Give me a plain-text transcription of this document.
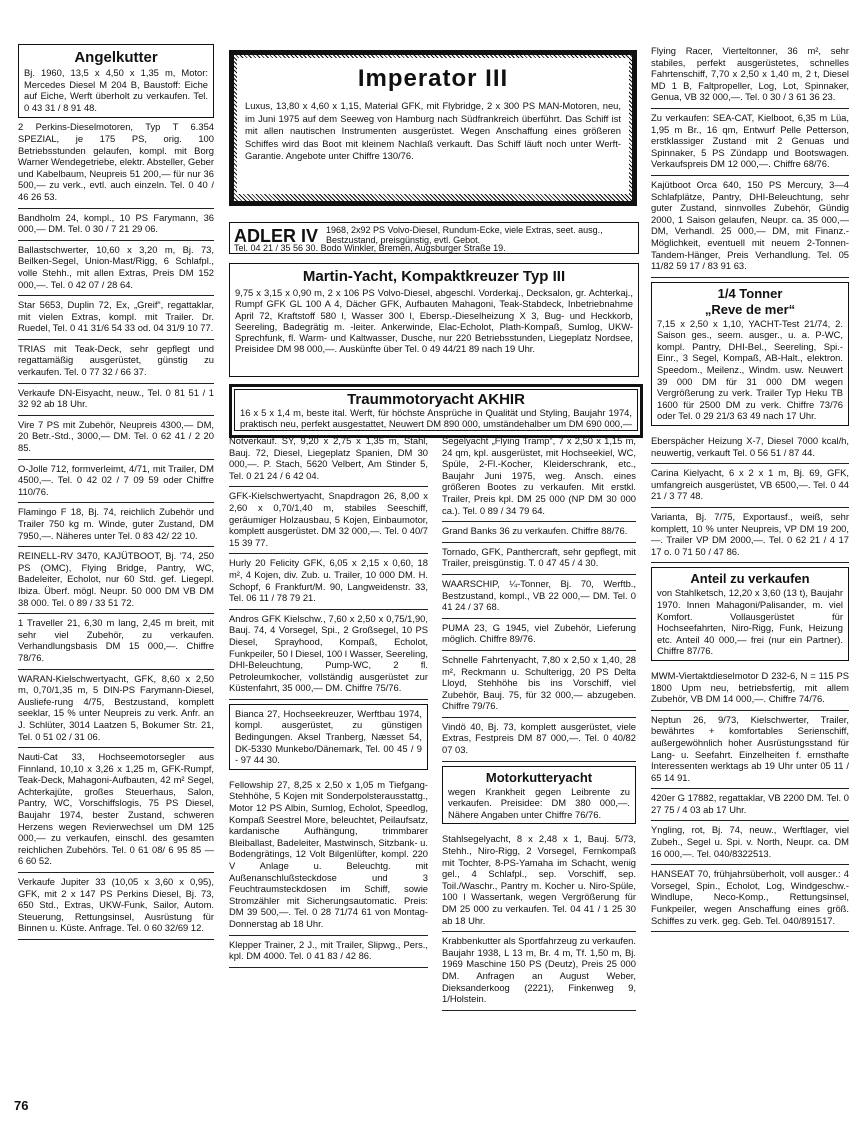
Angelkutter
Bj. 1960, 13,5 x 4,50 x 1,35 m, Motor: Mercedes Diesel M 204 B, Baustoff: Eiche auf Eiche, Werft überholt zu verkaufen. Tel. 0 43 31 / 8 91 48.
2 Perkins-Dieselmotoren, Typ T 6.354 SPEZIAL, je 175 PS, orig. 100 Betriebsstunden gelaufen, kompl. mit Borg Warner Wendegetriebe, elektr. Absteller, Geber und Kabelbaum, Neupreis 51 200,— für nur 36 500,— zu verk., evtl. auch einzeln. Tel. 0 40 / 46 26 53.
Bandholm 24, kompl., 10 PS Farymann, 36 000,— DM. Tel. 0 30 / 7 21 29 06.
Ballastschwerter, 10,60 x 3,20 m, Bj. 73, Beilken-Segel, Union-Mast/Rigg, 6 Schlafpl., volle Stehh., mit allen Extras, Preis DM 152 000,—. Tel. 0 42 07 / 28 64.
Star 5653, Duplin 72, Ex, „Greif“, regattaklar, mit vielen Extras, kompl. mit Trailer. Dr. Ruedel, Tel. 0 41 31/6 54 33 od. 04 31/9 10 77.
TRIAS mit Teak-Deck, sehr gepflegt und regattamäßig ausgerüstet, günstig zu verkaufen. Tel. 0 77 32 / 66 37.
Verkaufe DN-Eisyacht, neuw., Tel. 0 81 51 / 1 32 92 ab 18 Uhr.
Vire 7 PS mit Zubehör, Neupreis 4300,— DM, 20 Betr.-Std., 3000,— DM. Tel. 0 62 41 / 2 20 85.
O-Jolle 712, formverleimt, 4/71, mit Trailer, DM 4500,—. Tel. 0 42 02 / 7 09 59 oder Chiffre 110/76.
Flamingo F 18, Bj. 74, reichlich Zubehör und Trailer 750 kg m. Winde, guter Zustand, DM 7950,—. Näheres unter Tel. 0 83 42/ 22 10.
REINELL-RV 3470, KAJÜTBOOT, Bj. '74, 250 PS (OMC), Flying Bridge, Pantry, WC, Badeleiter, Echolot, nur 60 Std. gef. Liegepl. Ibiza. Überf. mögl. Neupr. 50 000 DM VB DM 38 000. Tel. 0 89 / 33 51 72.
1 Traveller 21, 6,30 m lang, 2,45 m breit, mit sehr viel Zubehör, zu verkaufen. Verhandlungsbasis DM 15 000,—. Chiffre 78/76.
WARAN-Kielschwertyacht, GFK, 8,60 x 2,50 m, 0,70/1,35 m, 5 DIN-PS Farymann-Diesel, Ausliefe-rung 4/75, Bestzustand, komplett seeklar, 15 % unter Neupreis zu verk. Anfr. an J. Schlüter, 3014 Laatzen 5, Bokumer Str. 21, Tel. 0 51 02 / 31 06.
Nauti-Cat 33, Hochseemotorsegler aus Finnland, 10,10 x 3,26 x 1,25 m, GFK-Rumpf, Teak-Deck, Mahagoni-Aufbauten, 42 m² Segel, Achterkajüte, großes Steuerhaus, Salon, Pantry, WC, Vorschiffslogis, 75 PS Diesel, Baujahr 1974, bester Zustand, schweren Herzens wegen Revierwechsel um DM 125 000,— zu verkaufen, einschl. des gesamten reichlichen Zubehörs. Tel. 0 61 08/ 6 95 85 — 6 60 52.
Verkaufe Jupiter 33 (10,05 x 3,60 x 0,95), GFK, mit 2 x 147 PS Perkins Diesel, Bj. 73, 650 Std., Extras, UKW-Funk, Sailor, Autom. Steuerung, Rettungsinsel, Ausrüstung für Binnen u. Küste. Anfrage. Tel. 0 60 32/69 12.
Imperator III
Luxus, 13,80 x 4,60 x 1,15, Material GFK, mit Flybridge, 2 x 300 PS MAN-Motoren, neu, im Juni 1975 auf dem Seeweg von Hamburg nach Südfrankreich überführt. Das Schiff ist mit allen nautischen Instrumenten ausgerüstet. Wegen Anschaffung eines größeren Schiffes wird das Boot mit kleinem Nachlaß verkauft. Das Schiff läuft noch unter Werft-Garantie. Angebote unter Chiffre 130/76.
ADLER IV 1968, 2x92 PS Volvo-Diesel, Rundum-Ecke, viele Extras, seet. ausg., Bestzustand, preisgünstig, evtl. Gebot.
Tel. 04 21 / 35 56 30. Bodo Winkler, Bremen, Augsburger Straße 19.
Martin-Yacht, Kompaktkreuzer Typ III
9,75 x 3,15 x 0,90 m, 2 x 106 PS Volvo-Diesel, abgeschl. Vorderkaj., Decksalon, gr. Achterkaj., Rumpf GFK GL 100 A 4, Dächer GFK, Aufbauten Mahagoni, Teak-Stabdeck, Inbetriebnahme April 72, Kraftstoff 580 l, Wasser 300 l, Ebersp.-Dieselheizung X 3, Bug- und Heckkorb, Seereling, Badegrätig m. -leiter. Ankerwinde, Elac-Echolot, Plath-Kompaß, Sumlog, UKW-Sprechfunk, fl. Warm- und Kaltwasser, Dusche, nur 220 Betriebsstunden, Liegeplatz Nordsee, Preisidee DM 98 000,—. Auskünfte über Tel. 0 49 44/21 89 nach 19 Uhr.
Traummotoryacht AKHIR
16 x 5 x 1,4 m, beste ital. Werft, für höchste Ansprüche in Qualität und Styling, Baujahr 1974, praktisch neu, perfekt ausgestattet, Neuwert DM 890 000, umständehalber um DM 690 000,—
Notverkauf. SY, 9,20 x 2,75 x 1,35 m, Stahl, Bauj. 72, Diesel, Liegeplatz Spanien, DM 30 000,—. P. Stach, 5620 Velbert, Am Stinder 5, Tel. 0 21 24 / 6 42 04.
GFK-Kielschwertyacht, Snapdragon 26, 8,00 x 2,60 x 0,70/1,40 m, stabiles Seeschiff, geräumiger Holzausbau, 5 Kojen, Einbaumotor, komplett ausgerüstet. DM 32 000,—. Tel. 0 40/7 15 39 77.
Hurly 20 Felicity GFK, 6,05 x 2,15 x 0,60, 18 m², 4 Kojen, div. Zub. u. Trailer, 10 000 DM. H. Schopf, 6 Frankfurt/M. 90, Langweidenstr. 33, Tel. 06 11 / 78 79 21.
Andros GFK Kielschw., 7,60 x 2,50 x 0,75/1,90, Bauj. 74, 4 Vorsegel, Spi., 2 Großsegel, 10 PS Diesel, Sprayhood, Kompaß, Echolot, Funkpeiler, 50 l Diesel, 100 l Wasser, Seereling, DHI-Beleuchtung, Pump-WC, 2 fl. Petroleumkocher, vollständig ausgerüstet zur Küstenfahrt, 35 000,— DM. Chiffre 75/76.
Bianca 27, Hochseekreuzer, Werftbau 1974, kompl. ausgerüstet, zu günstigen Bedingungen. Aksel Tranberg, Næsset 54, DK-5330 Munkebo/Dänemark, Tel. 00 45 / 9 - 97 44 30.
Fellowship 27, 8,25 x 2,50 x 1,05 m Tiefgang-Stehhöhe, 5 Kojen mit Sonderpolsterausstattg., Motor 12 PS Albin, Sumlog, Echolot, Speedlog, Kompaß Seestrel More, beleuchtet, Peilaufsatz, kardanische Aufhängung, trimmbarer Bleiballast, Badeleiter, Mastwinsch, Sitzbank- u. Bodengrätings, 12 Volt Bilgenlüfter, kompl. 220 V Anlage u. Beleuchtg. mit Außenanschlußsteckdose und 3 Feuchtraumsteckdosen im Schiff, sowie Stromzähler mit Sicherungsautomatic. Preis: DM 39 500,—. Tel. 0 28 71/74 61 von Montag-Donnerstag ab 18 Uhr.
Klepper Trainer, 2 J., mit Trailer, Slipwg., Pers., kpl. DM 4000. Tel. 0 41 83 / 42 86.
Segelyacht „Flying Tramp“, 7 x 2,50 x 1,15 m, 24 qm, kpl. ausgerüstet, mit Hochseekiel, WC, Spüle, 2-Fl.-Kocher, Kleiderschrank, etc., Baujahr Juni 1975, weg. Ansch. eines größeren Bootes zu verkaufen. Mit erstkl. Trailer, Preis kpl. DM 25 000 (NP DM 30 000 ca.). Tel. 0 89 / 34 79 64.
Grand Banks 36 zu verkaufen. Chiffre 88/76.
Tornado, GFK, Panthercraft, sehr gepflegt, mit Trailer, preisgünstig. T. 0 47 45 / 4 30.
WAARSCHIP, ¼-Tonner, Bj. 70, Werftb., Bestzustand, kompl., VB 22 000,— DM. Tel. 0 41 24 / 37 68.
PUMA 23, G 1945, viel Zubehör, Lieferung möglich. Chiffre 89/76.
Schnelle Fahrtenyacht, 7,80 x 2,50 x 1,40, 28 m², Reckmann u. Schulterigg, 20 PS Delta Lloyd, Stehhöhe bis ins Vorschiff, viel Zubehör, Bauj. 75, für 32 000,— abzugeben. Chiffre 79/76.
Vindö 40, Bj. 73, komplett ausgerüstet, viele Extras, Festpreis DM 87 000,—. Tel. 0 40/82 07 03.
Motorkutteryacht
wegen Krankheit gegen Leibrente zu verkaufen. Preisidee: DM 380 000,—. Nähere Angaben unter Chiffre 76/76.
Stahlsegelyacht, 8 x 2,48 x 1, Bauj. 5/73, Stehh., Niro-Rigg, 2 Vorsegel, Fernkompaß mit Tochter, 8-PS-Yamaha im Schacht, wenig gel., 4 Schlafpl., sep. Vorschiff, sep. Toil./Waschr., Pantry m. Kocher u. Niro-Spüle, 100 l Wassertank, wegen Vergrößerung für DM 25 000 zu verkaufen. Tel. 04 41 / 1 25 30 ab 18 Uhr.
Krabbenkutter als Sportfahrzeug zu verkaufen. Baujahr 1938, L 13 m, Br. 4 m, Tf. 1,50 m, Bj. 1969 Maschine 150 PS (Deutz), Preis 25 000 DM. Anfragen an August Weber, Dieksanderkoog (2221), Finkenweg 9, 1/Holstein.
Flying Racer, Vierteltonner, 36 m², sehr stabiles, perfekt ausgerüstetes, schnelles Fahrtenschiff, 7,70 x 2,50 x 1,40 m, 2 t, Diesel MD 1 B, Faltpropeller, Log, Lot, Spinnaker, Genua, VB 32 000,—. Tel. 0 30 / 3 61 36 23.
Zu verkaufen: SEA-CAT, Kielboot, 6,35 m Lüa, 1,95 m Br., 16 qm, Entwurf Pelle Petterson, erstklassiger Zustand mit 2 Genuas und Spinnaker, 5 PS Zündapp und Bootswagen. Verkaufspreis DM 12 000,—. Chiffre 68/76.
Kajütboot Orca 640, 150 PS Mercury, 3—4 Schlafplätze, Pantry, DHI-Beleuchtung, sehr guter Zustand, sinnvolles Zubehör, Gündig 2000, 1 Saison gelaufen, Neupr. ca. 35 000,— DM, Verhandl. 25 000,— DM, mit Finanz.-Möglichkeit, eventuell mit neuem 2-Tonnen-Tandem-Hänger, Preis Verhandlung. Tel. 05 11/82 59 17 / 83 91 63.
1/4 Tonner
„Reve de mer“
7,15 x 2,50 x 1,10, YACHT-Test 21/74, 2. Saison ges., seem. ausger., u. a. P-WC, kompl. Pantry, DHI-Bel., Seereling, Spi.-Einr., 3 Segel, Kompaß, AB-Halt., elektron. Speedom., Meilenz., Windm. usw. Neuwert 39 000 DM für 31 000 DM wegen Vergrößerung zu verk. Trailer Typ Heku TB 1600 für 2500 DM zu verk. Chiffre 73/76 oder Tel. 0 29 21/3 63 49 nach 17 Uhr.
Eberspächer Heizung X-7, Diesel 7000 kcal/h, neuwertig, verkauft Tel. 0 56 51 / 87 44.
Carina Kielyacht, 6 x 2 x 1 m, Bj. 69, GFK, umfangreich ausgerüstet, VB 6500,—. Tel. 0 44 21 / 3 77 48.
Varianta, Bj. 7/75, Exportausf., weiß, sehr komplett, 10 % unter Neupreis, VP DM 19 200,—. Trailer VP DM 2000,—. Tel. 0 62 21 / 4 17 17 o. 0 71 50 / 47 86.
Anteil zu verkaufen
von Stahlketsch, 12,20 x 3,60 (13 t), Baujahr 1970. Innen Mahagoni/Palisander, m. viel Komfort. Vollausgerüstet für Hochseefahrten, Niro-Rigg, Funk, Heizung etc. Anteil 40 000,— frei (nur ein Partner). Chiffre 87/76.
MWM-Viertaktdieselmotor D 232-6, N = 115 PS 1800 Upm neu, betriebsfertig, mit allem Zubehör, VB DM 14 000,—. Chiffre 74/76.
Neptun 26, 9/73, Kielschwerter, Trailer, bewährtes + komfortables Serienschiff, außergewöhnlich hoher Ausrüstungsstand für Lang- u. Seefahrt. Einzelheiten f. ernsthafte Interessenten werktags ab 19 Uhr unter 05 11 / 65 14 91.
420er G 17882, regattaklar, VB 2200 DM. Tel. 0 27 75 / 4 03 ab 17 Uhr.
Yngling, rot, Bj. 74, neuw., Werftlager, viel Zubeh., Segel u. Spi. v. North, Neupr. ca. DM 16 000,—. Tel. 040/8322513.
HANSEAT 70, frühjahrsüberholt, voll ausger.: 4 Vorsegel, Spin., Echolot, Log, Windgeschw.-Windlupe, Neco-Komp., Rettungsinsel, Funkpeiler, wegen Anschaffung eines größ. Schiffes zu verk. geg. Geb. Tel. 040/891517.
76
